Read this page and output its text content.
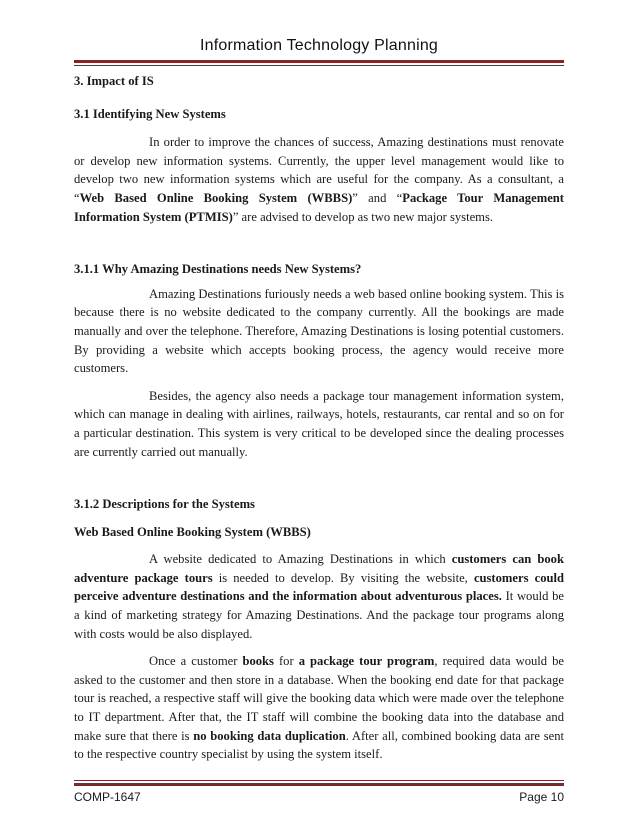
Information Technology Planning

3. Impact of IS

3.1 Identifying New Systems

In order to improve the chances of success, Amazing destinations must renovate or develop new information systems. Currently, the upper level management would like to develop two new information systems which are useful for the company. As a consultant, a “Web Based Online Booking System (WBBS)” and “Package Tour Management Information System (PTMIS)” are advised to develop as two new major systems.

3.1.1 Why Amazing Destinations needs New Systems?

Amazing Destinations furiously needs a web based online booking system. This is because there is no website dedicated to the company currently. All the bookings are made manually and over the telephone. Therefore, Amazing Destinations is losing potential customers. By providing a website which accepts booking process, the agency would receive more customers.

Besides, the agency also needs a package tour management information system, which can manage in dealing with airlines, railways, hotels, restaurants, car rental and so on for a particular destination. This system is very critical to be developed since the dealing processes are currently carried out manually.

3.1.2 Descriptions for the Systems

Web Based Online Booking System (WBBS)

A website dedicated to Amazing Destinations in which customers can book adventure package tours is needed to develop. By visiting the website, customers could perceive adventure destinations and the information about adventurous places. It would be a kind of marketing strategy for Amazing Destinations. And the package tour programs along with costs would be also displayed.

Once a customer books for a package tour program, required data would be asked to the customer and then store in a database. When the booking end date for that package tour is reached, a respective staff will give the booking data which were made over the telephone to IT department. After that, the IT staff will combine the booking data into the database and make sure that there is no booking data duplication. After all, combined booking data are sent to the respective country specialist by using the system itself.

COMP-1647	Page 10
